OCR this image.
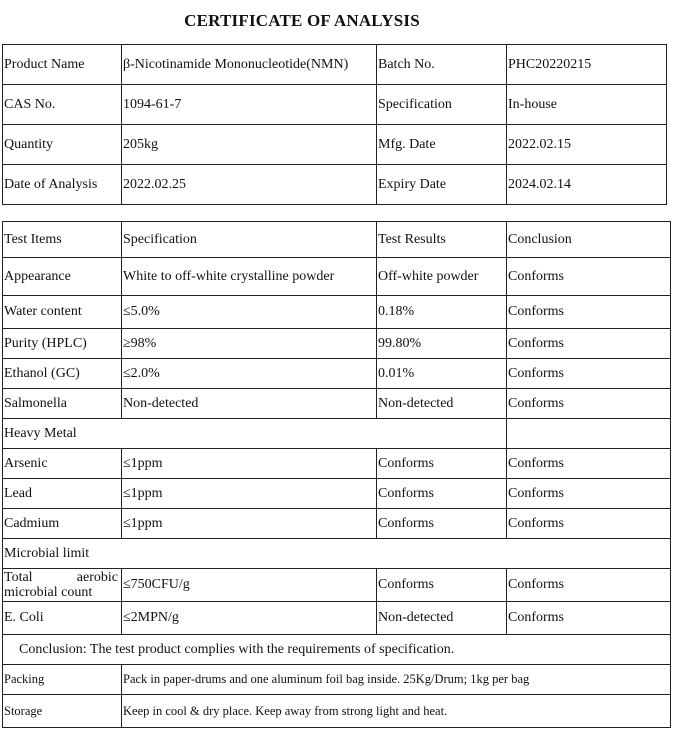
CERTIFICATE OF ANALYSIS
Product Name	β-Nicotinamide Mononucleotide(NMN)	Batch No.	PHC20220215
CAS No.	1094-61-7	Specification	In-house
Quantity	205kg	Mfg. Date	2022.02.15
Date of Analysis	2022.02.25	Expiry Date	2024.02.14
Test Items	Specification	Test Results	Conclusion
Appearance	White to off-white crystalline powder	Off-white powder	Conforms
Water content	≤5.0%	0.18%	Conforms
Purity (HPLC)	≥98%	99.80%	Conforms
Ethanol (GC)	≤2.0%	0.01%	Conforms
Salmonella	Non-detected	Non-detected	Conforms
Heavy Metal			
Arsenic	≤1ppm	Conforms	Conforms
Lead	≤1ppm	Conforms	Conforms
Cadmium	≤1ppm	Conforms	Conforms
Microbial limit			

Total aerobic
microbial count	≤750CFU/g	Conforms	Conforms
E. Coli	≤2MPN/g	Non-detected	Conforms
Conclusion: The test product complies with the requirements of specification.			
Packing	Pack in paper-drums and one aluminum foil bag inside. 25Kg/Drum; 1kg per bag		
Storage	Keep in cool & dry place. Keep away from strong light and heat.		
